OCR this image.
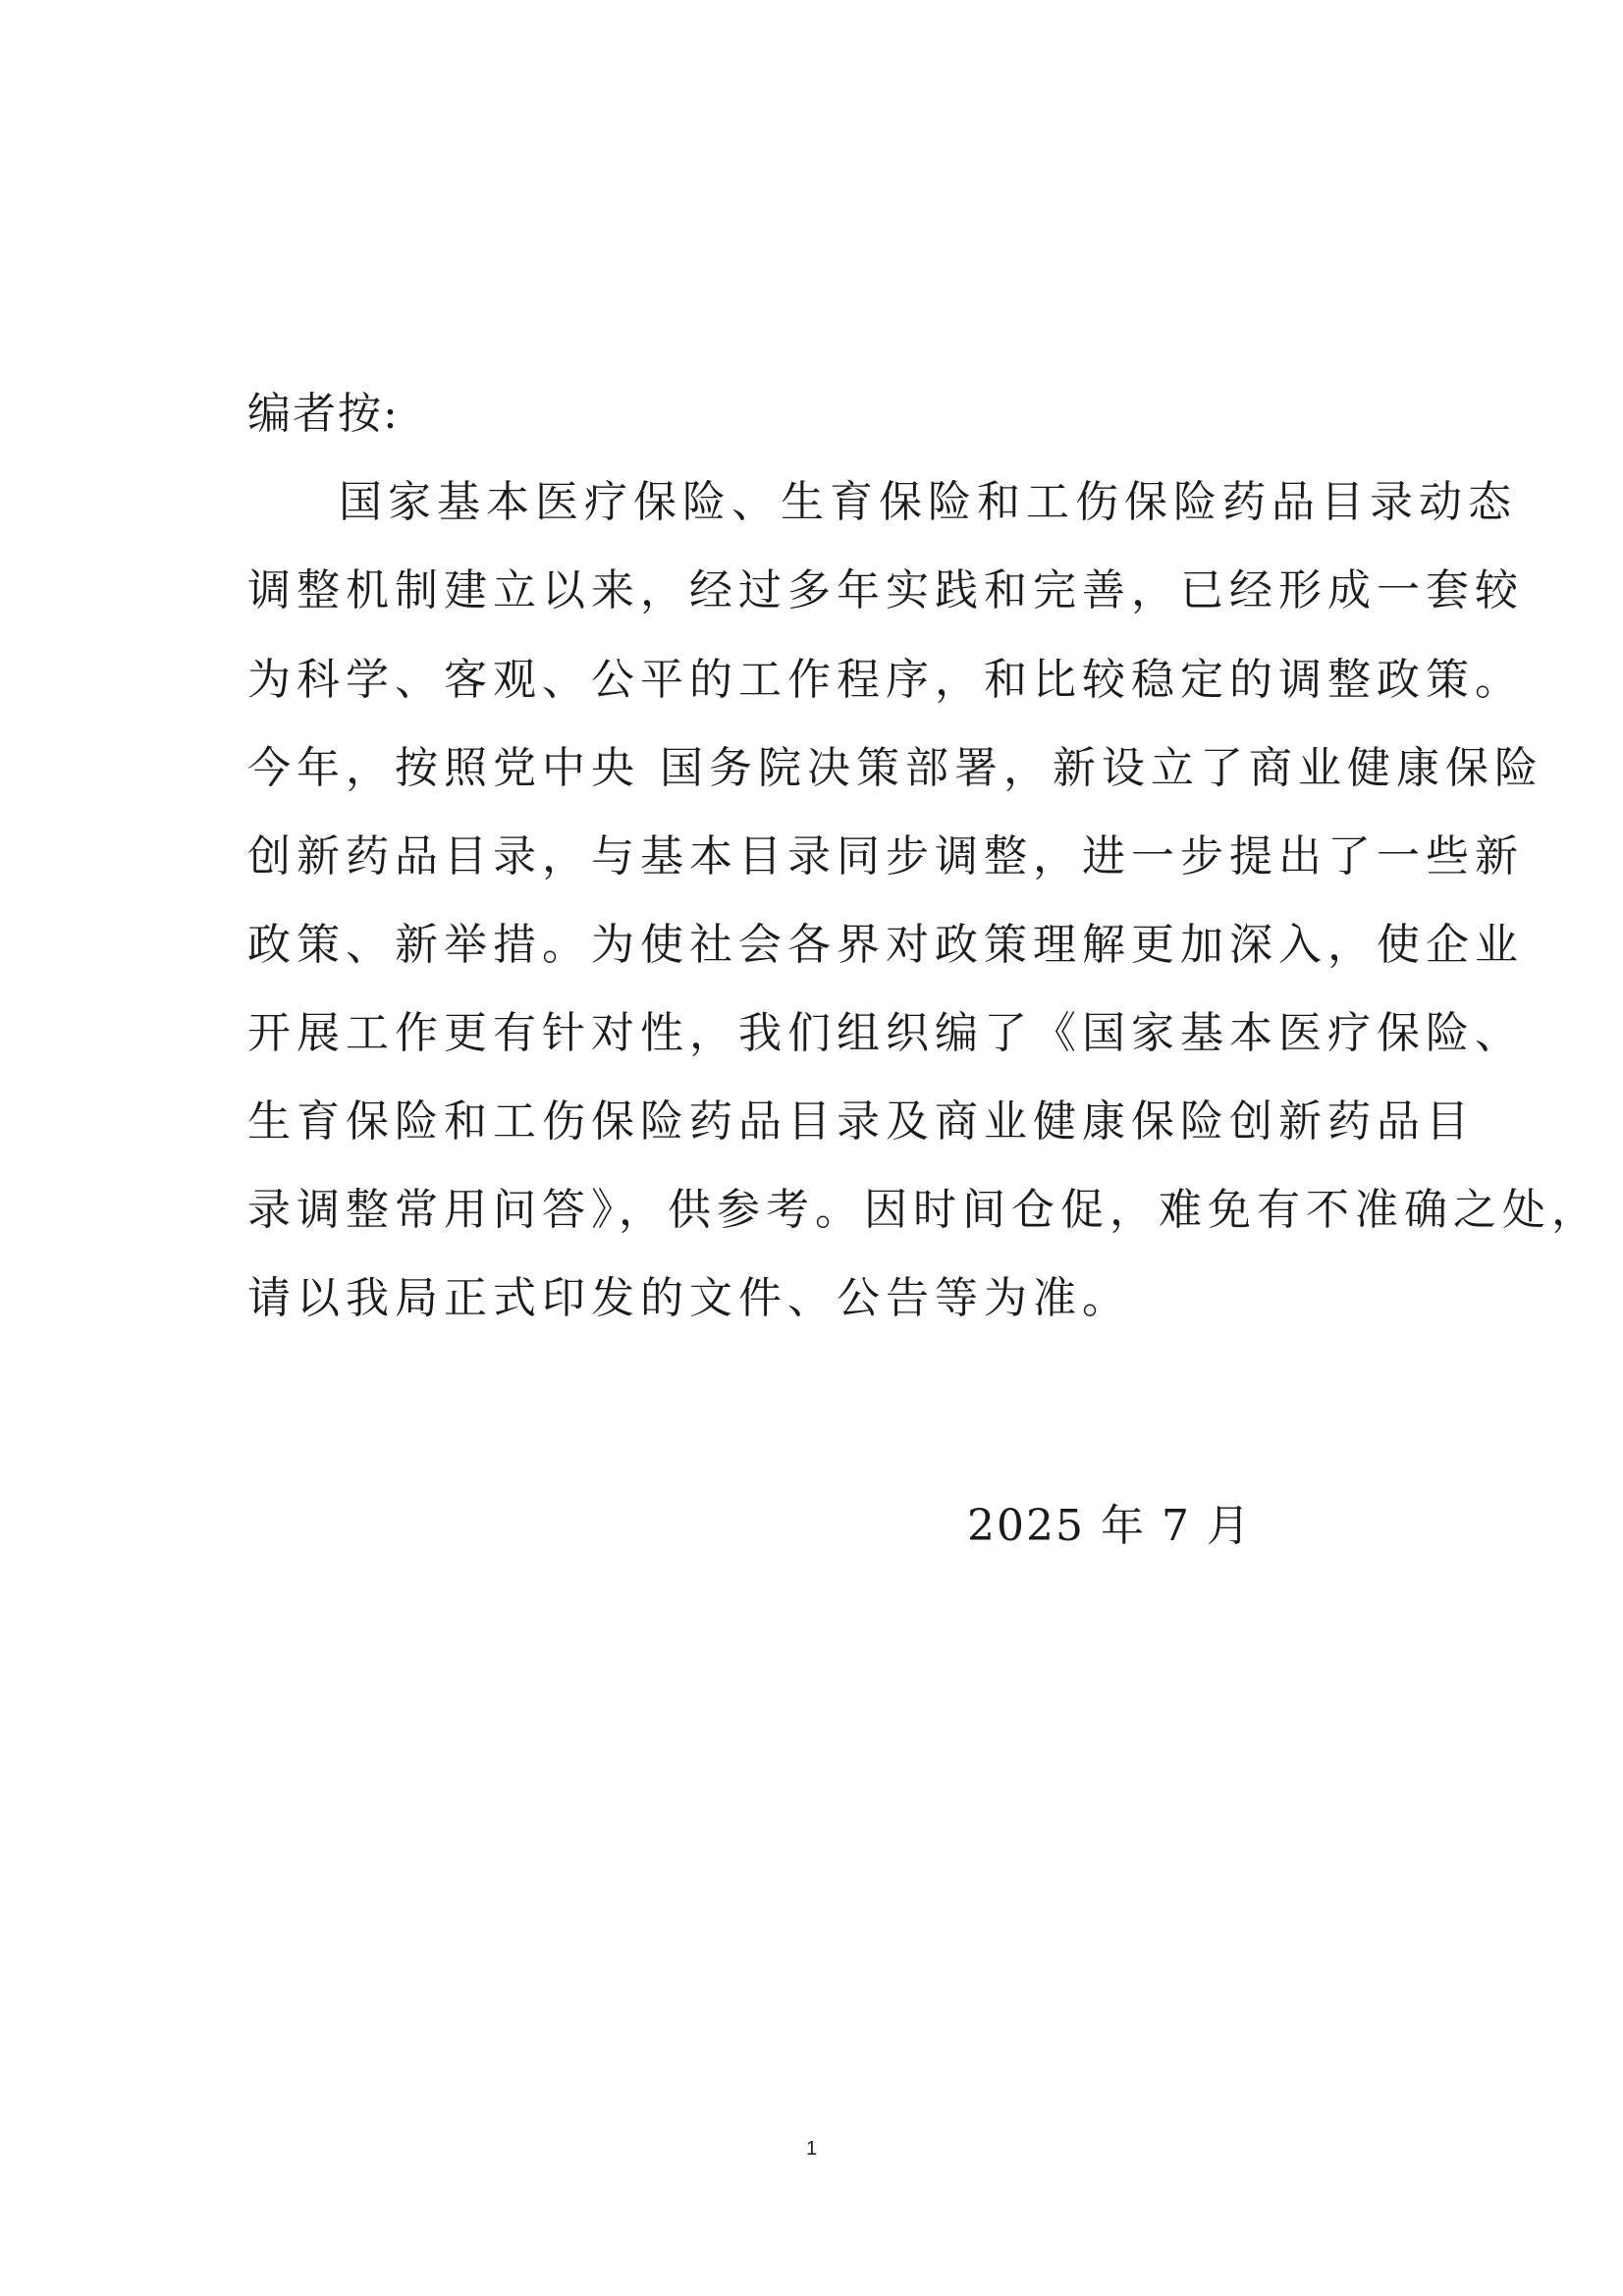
编者按:
国家基本医疗保险、生育保险和工伤保险药品目录动态
调整机制建立以来，经过多年实践和完善，已经形成一套较
为科学、客观、公平的工作程序，和比较稳定的调整政策。
今年，按照党中央 国务院决策部署，新设立了商业健康保险
创新药品目录，与基本目录同步调整，进一步提出了一些新
政策、新举措。为使社会各界对政策理解更加深入，使企业
开展工作更有针对性，我们组织编了《国家基本医疗保险、
生育保险和工伤保险药品目录及商业健康保险创新药品目
录调整常用问答》，供参考。因时间仓促，难免有不准确之处，
请以我局正式印发的文件、公告等为准。
2025 年 7 月
1
